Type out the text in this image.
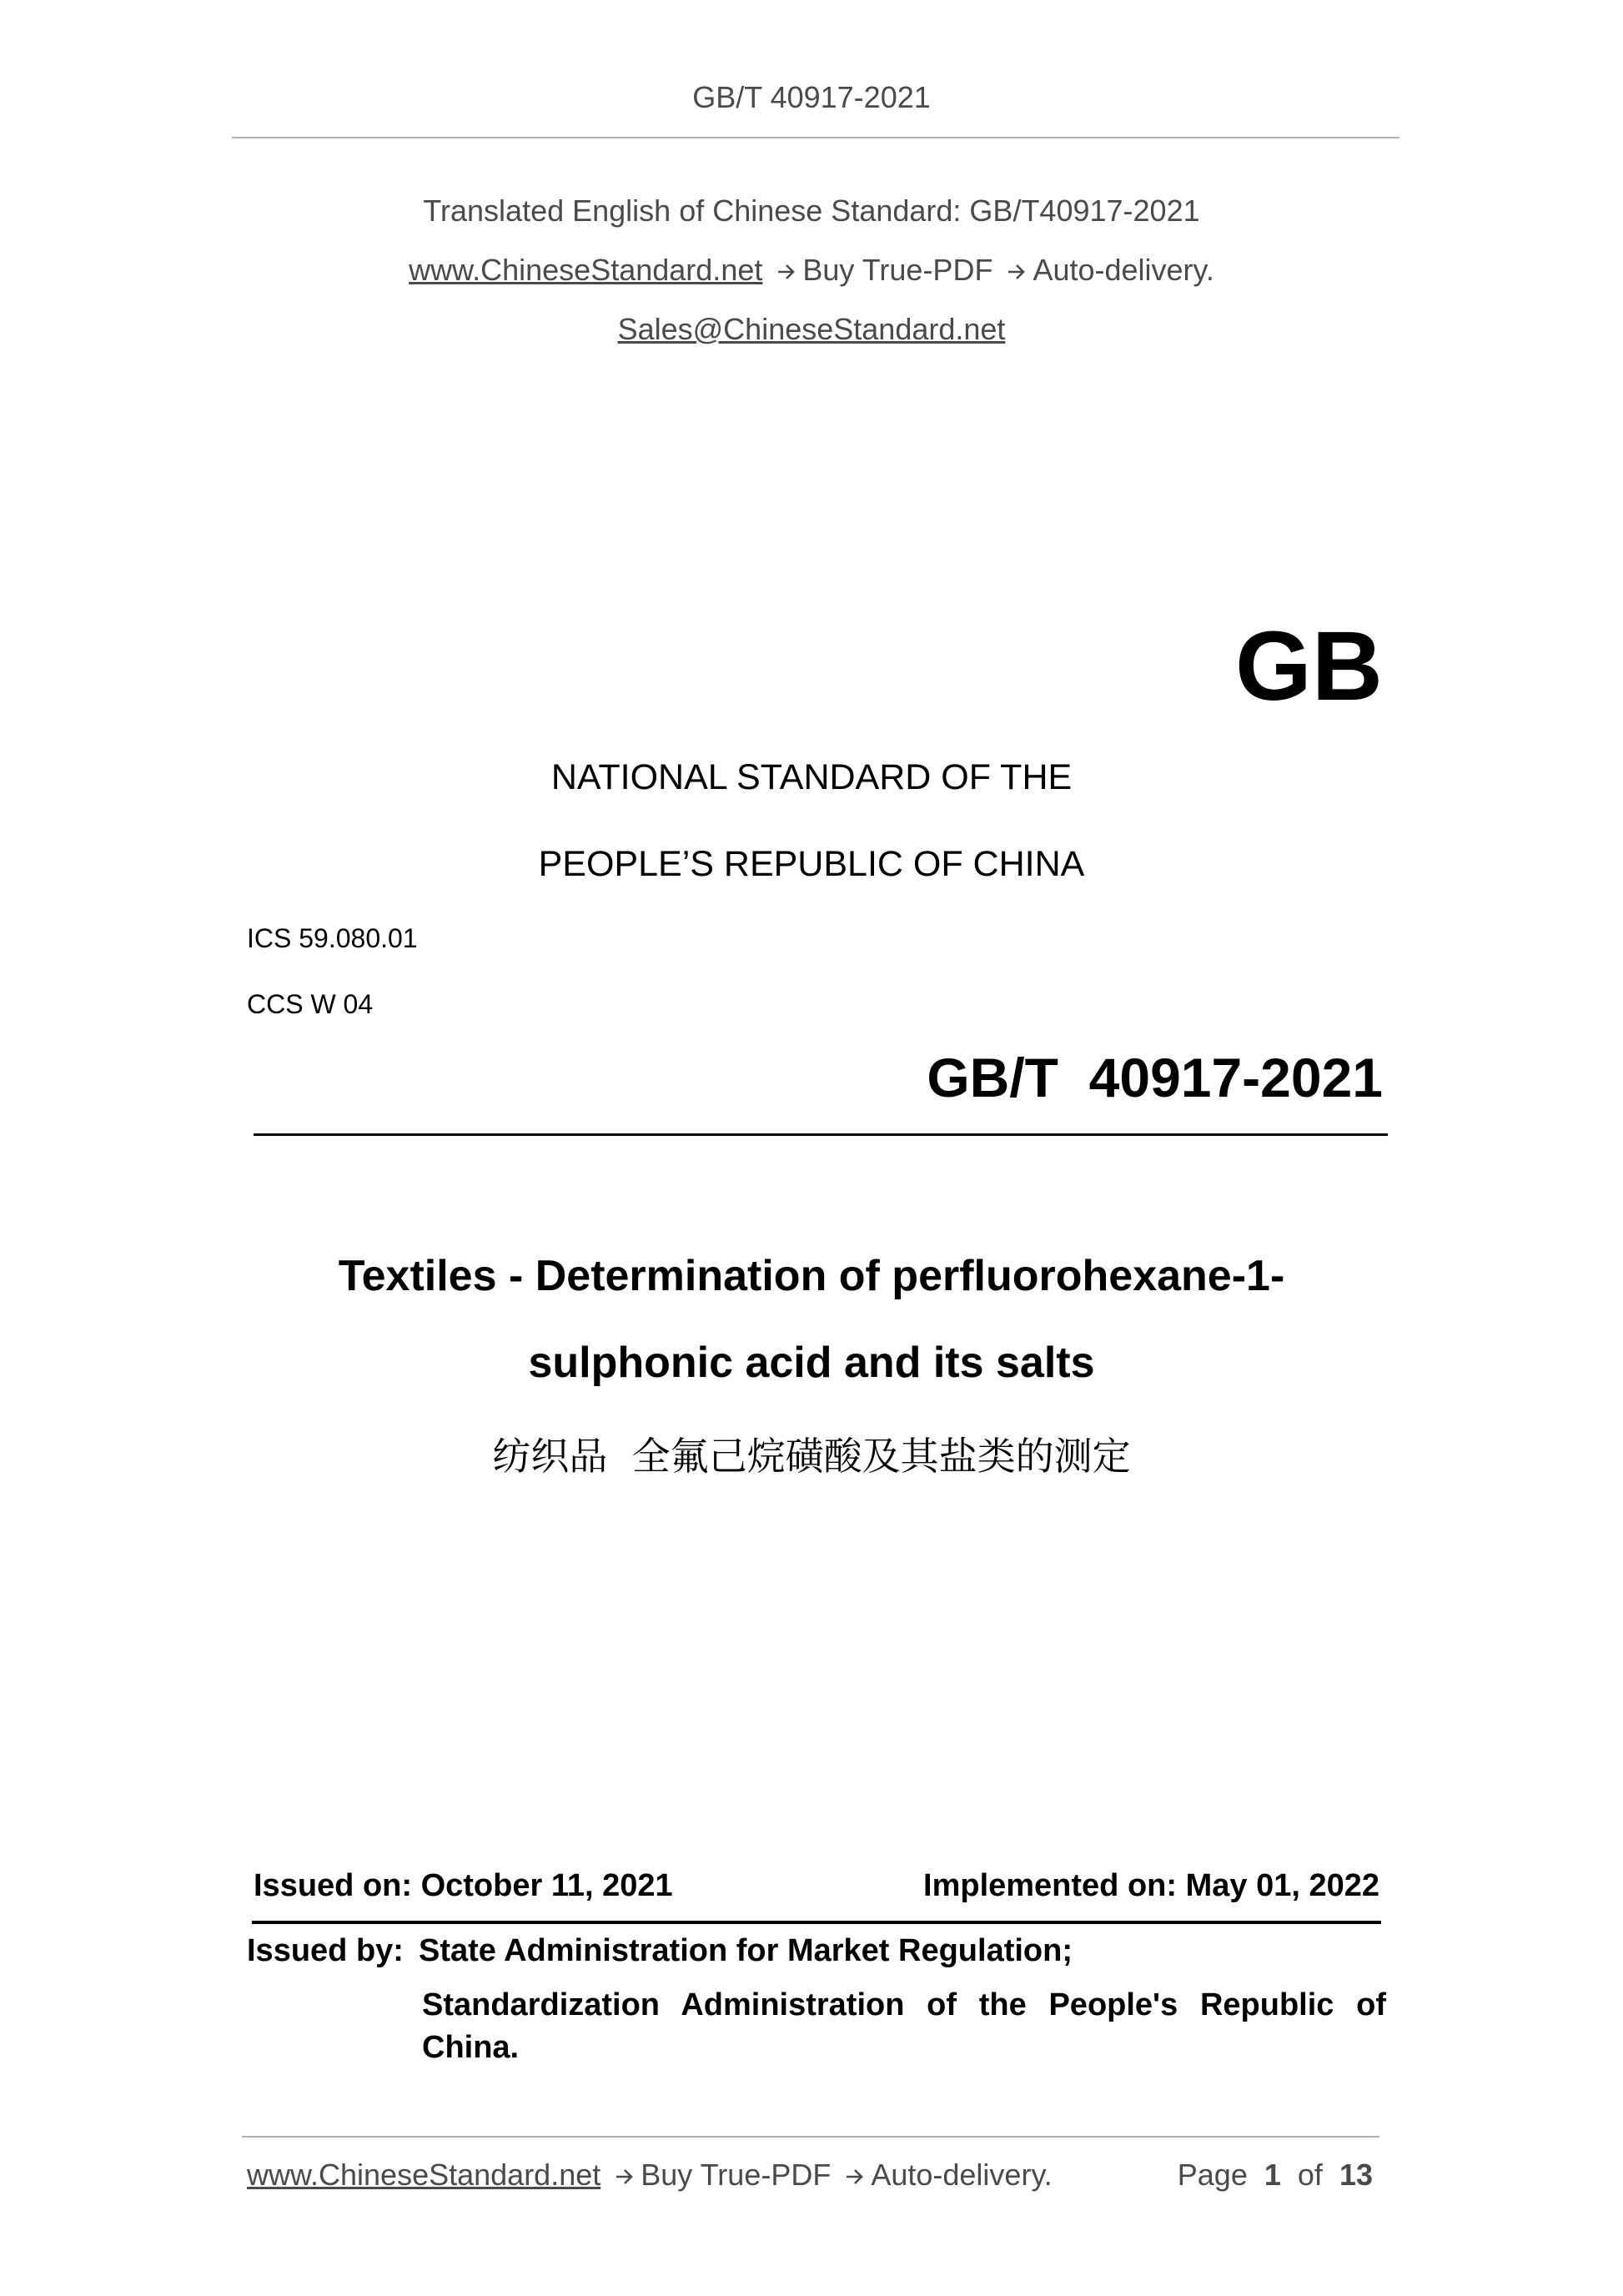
GB/T 40917-2021
Translated English of Chinese Standard: GB/T40917-2021
www.ChineseStandard.net Buy True-PDF Auto-delivery.
Sales@ChineseStandard.net
GB
NATIONAL STANDARD OF THE
PEOPLE’S REPUBLIC OF CHINA
ICS 59.080.01
CCS W 04
GB/T  40917-2021
Textiles - Determination of perfluorohexane-1-
sulphonic acid and its salts
纺织品  全氟己烷磺酸及其盐类的测定
Issued on: October 11, 2021	Implemented on: May 01, 2022
Issued by: State Administration for Market Regulation;
Standardization Administration of the People's Republic of
China.
www.ChineseStandard.net Buy True-PDF Auto-delivery.	Page 1 of 13
